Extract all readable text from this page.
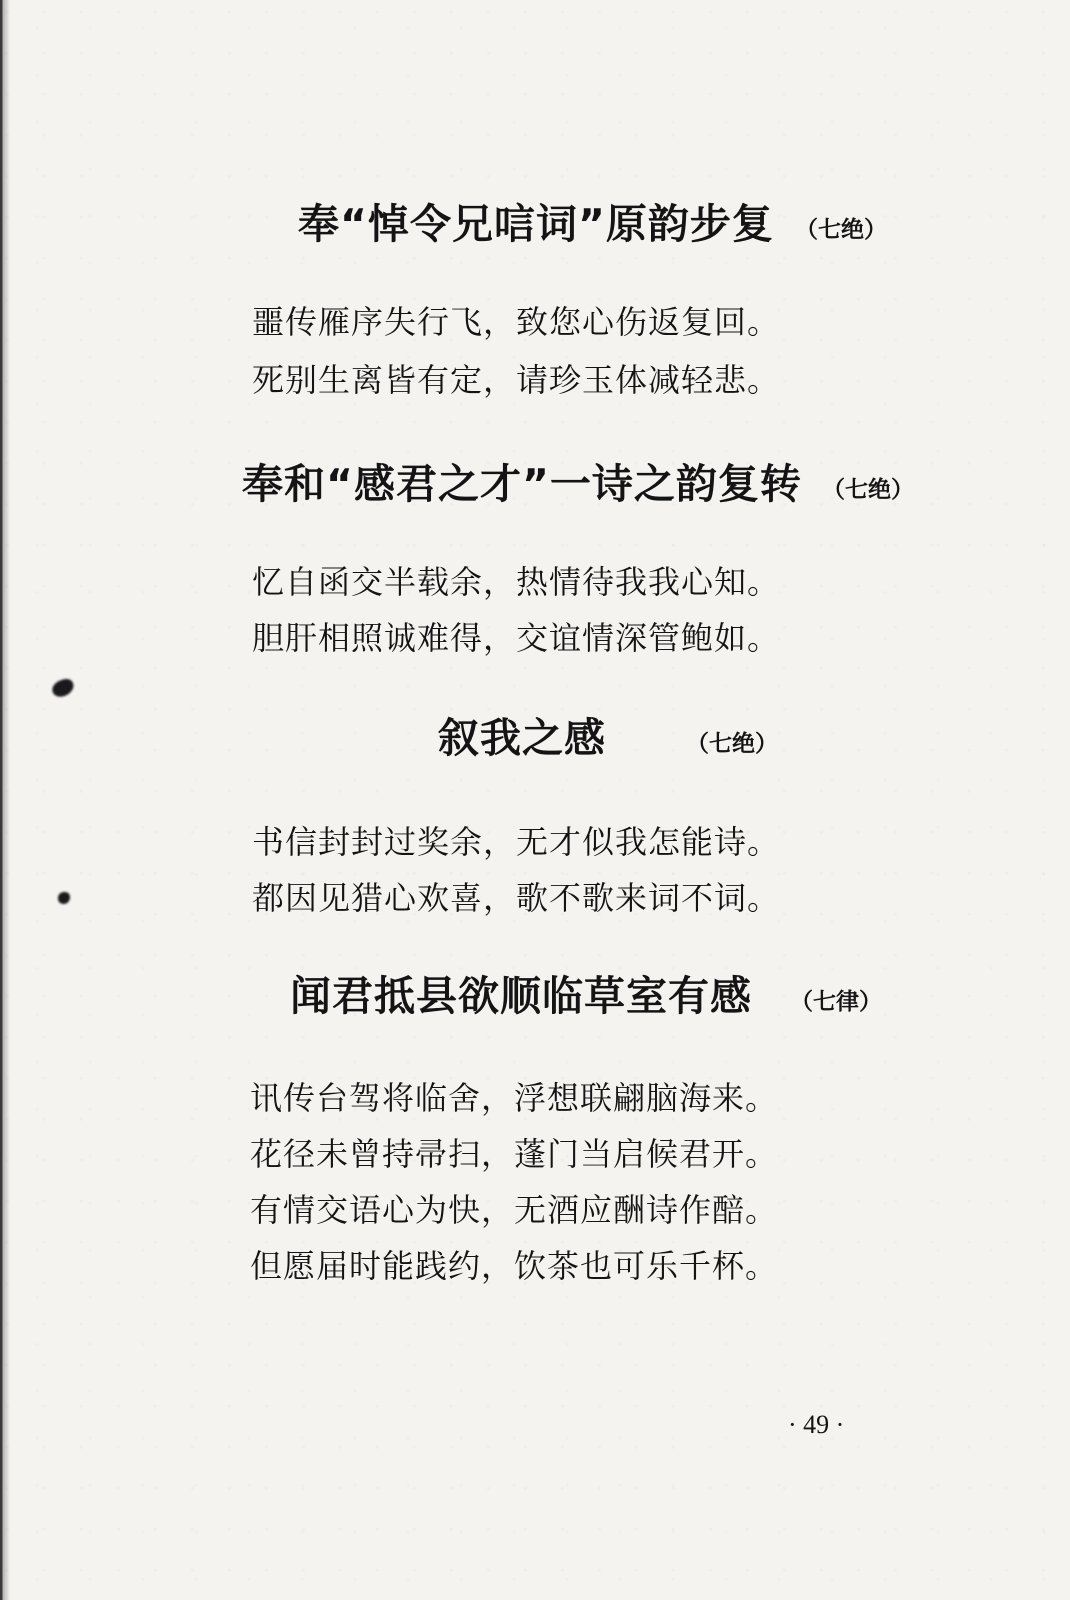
奉“悼令兄唁词”原韵步复 （七绝）
噩传雁序失行飞，致您心伤返复回。
死别生离皆有定，请珍玉体减轻悲。
奉和“感君之才”一诗之韵复转 （七绝）
忆自函交半载余，热情待我我心知。
胆肝相照诚难得，交谊情深管鲍如。
叙我之感	（七绝）
书信封封过奖余，无才似我怎能诗。
都因见猎心欢喜，歌不歌来词不词。
闻君抵县欲顺临草室有感 （七律）
讯传台驾将临舍，浮想联翩脑海来。
花径未曾持帚扫，蓬门当启候君开。
有情交语心为快，无酒应酬诗作醅。
但愿届时能践约，饮茶也可乐千杯。
· 49 ·
